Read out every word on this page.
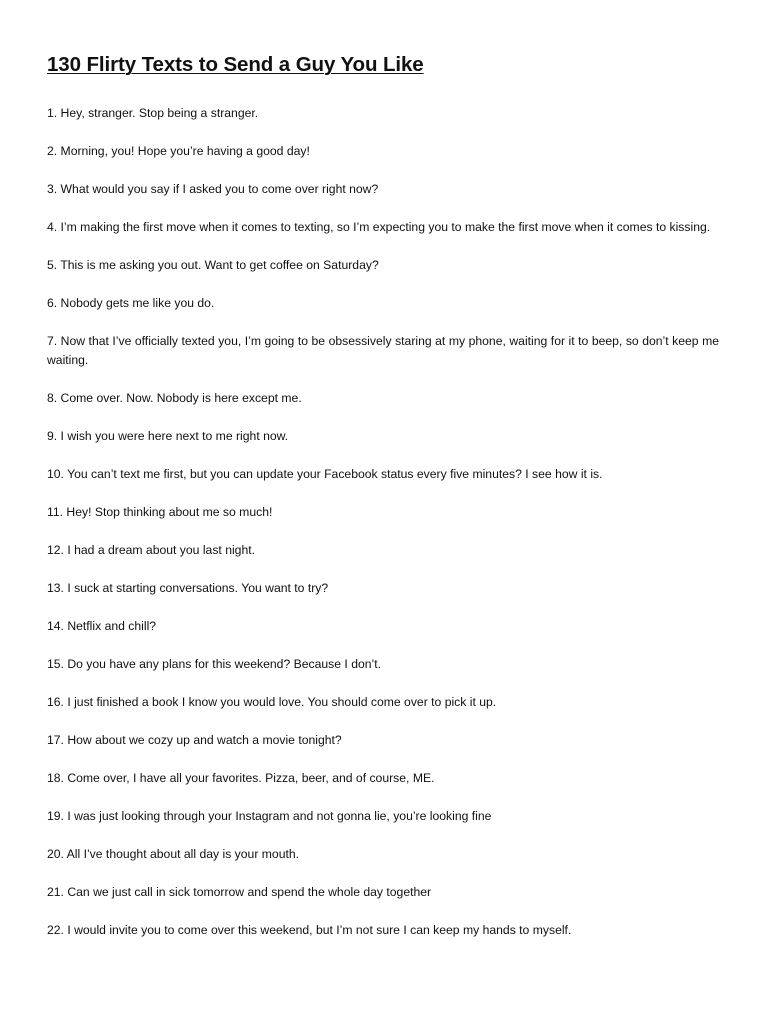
130 Flirty Texts to Send a Guy You Like
1. Hey, stranger. Stop being a stranger.
2. Morning, you! Hope you’re having a good day!
3. What would you say if I asked you to come over right now?
4. I’m making the first move when it comes to texting, so I’m expecting you to make the first move when it comes to kissing.
5. This is me asking you out. Want to get coffee on Saturday?
6. Nobody gets me like you do.
7. Now that I’ve officially texted you, I’m going to be obsessively staring at my phone, waiting for it to beep, so don’t keep me waiting.
8. Come over. Now. Nobody is here except me.
9. I wish you were here next to me right now.
10. You can’t text me first, but you can update your Facebook status every five minutes? I see how it is.
11. Hey! Stop thinking about me so much!
12. I had a dream about you last night.
13. I suck at starting conversations. You want to try?
14. Netflix and chill?
15. Do you have any plans for this weekend? Because I don’t.
16. I just finished a book I know you would love. You should come over to pick it up.
17. How about we cozy up and watch a movie tonight?
18. Come over, I have all your favorites. Pizza, beer, and of course, ME.
19. I was just looking through your Instagram and not gonna lie, you’re looking fine
20. All I’ve thought about all day is your mouth.
21. Can we just call in sick tomorrow and spend the whole day together
22. I would invite you to come over this weekend, but I’m not sure I can keep my hands to myself.
